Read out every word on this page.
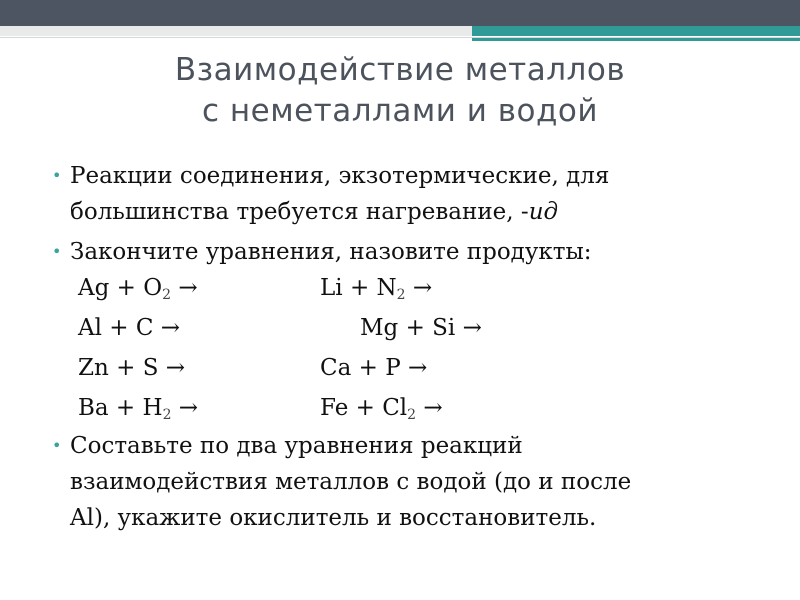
Взаимодействие металлов
с неметаллами и водой
• Реакции соединения, экзотермические, для большинства требуется нагревание, -ид
• Закончите уравнения, назовите продукты:
$Ag + O_2$ →	$Li + N_2$ →
Al + C →	Mg + Si →
Zn + S →	Ca + P →
$Ba + H_2$ →	$Fe + Cl_2$ →
• Составьте по два уравнения реакций
взаимодействия металлов с водой (до и после
Al), укажите окислитель и восстановитель.
